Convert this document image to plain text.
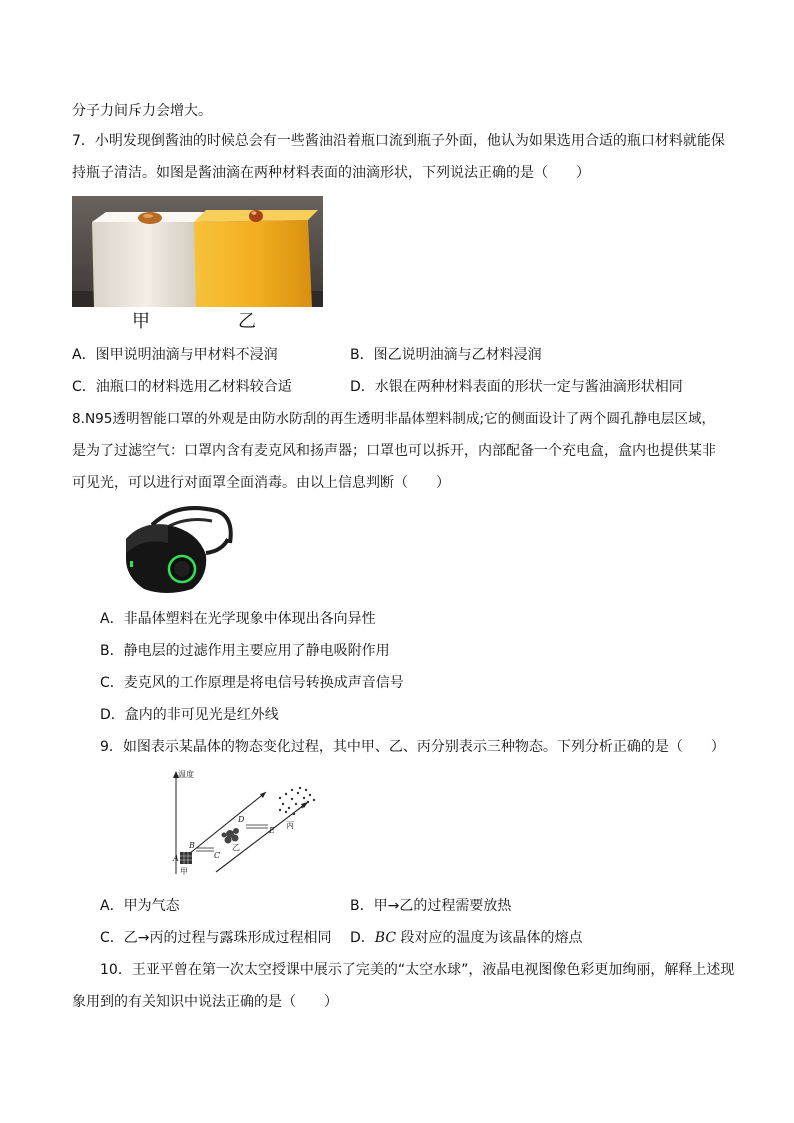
分子力间斥力会增大。
7．小明发现倒酱油的时候总会有一些酱油沿着瓶口流到瓶子外面，他认为如果选用合适的瓶口材料就能保
持瓶子清洁。如图是酱油滴在两种材料表面的油滴形状，下列说法正确的是（　　）
甲	乙
A．图甲说明油滴与甲材料不浸润	B．图乙说明油滴与乙材料浸润
C．油瓶口的材料选用乙材料较合适	D．水银在两种材料表面的形状一定与酱油滴形状相同
8.N95透明智能口罩的外观是由防水防刮的再生透明非晶体塑料制成;它的侧面设计了两个圆孔静电层区域，
是为了过滤空气：口罩内含有麦克风和扬声器；口罩也可以拆开，内部配备一个充电盒，盒内也提供某非
可见光，可以进行对面罩全面消毒。由以上信息判断（　　）
A．非晶体塑料在光学现象中体现出各向异性
B．静电层的过滤作用主要应用了静电吸附作用
C．麦克风的工作原理是将电信号转换成声音信号
D．盒内的非可见光是红外线
9．如图表示某晶体的物态变化过程，其中甲、乙、丙分别表示三种物态。下列分析正确的是（　　）
温度
A
甲
B
C
乙
D
E
丙
A．甲为气态	B．甲→乙的过程需要放热
C．乙→丙的过程与露珠形成过程相同 D．BC 段对应的温度为该晶体的熔点
10．王亚平曾在第一次太空授课中展示了完美的“太空水球”，液晶电视图像色彩更加绚丽，解释上述现
象用到的有关知识中说法正确的是（　　）
